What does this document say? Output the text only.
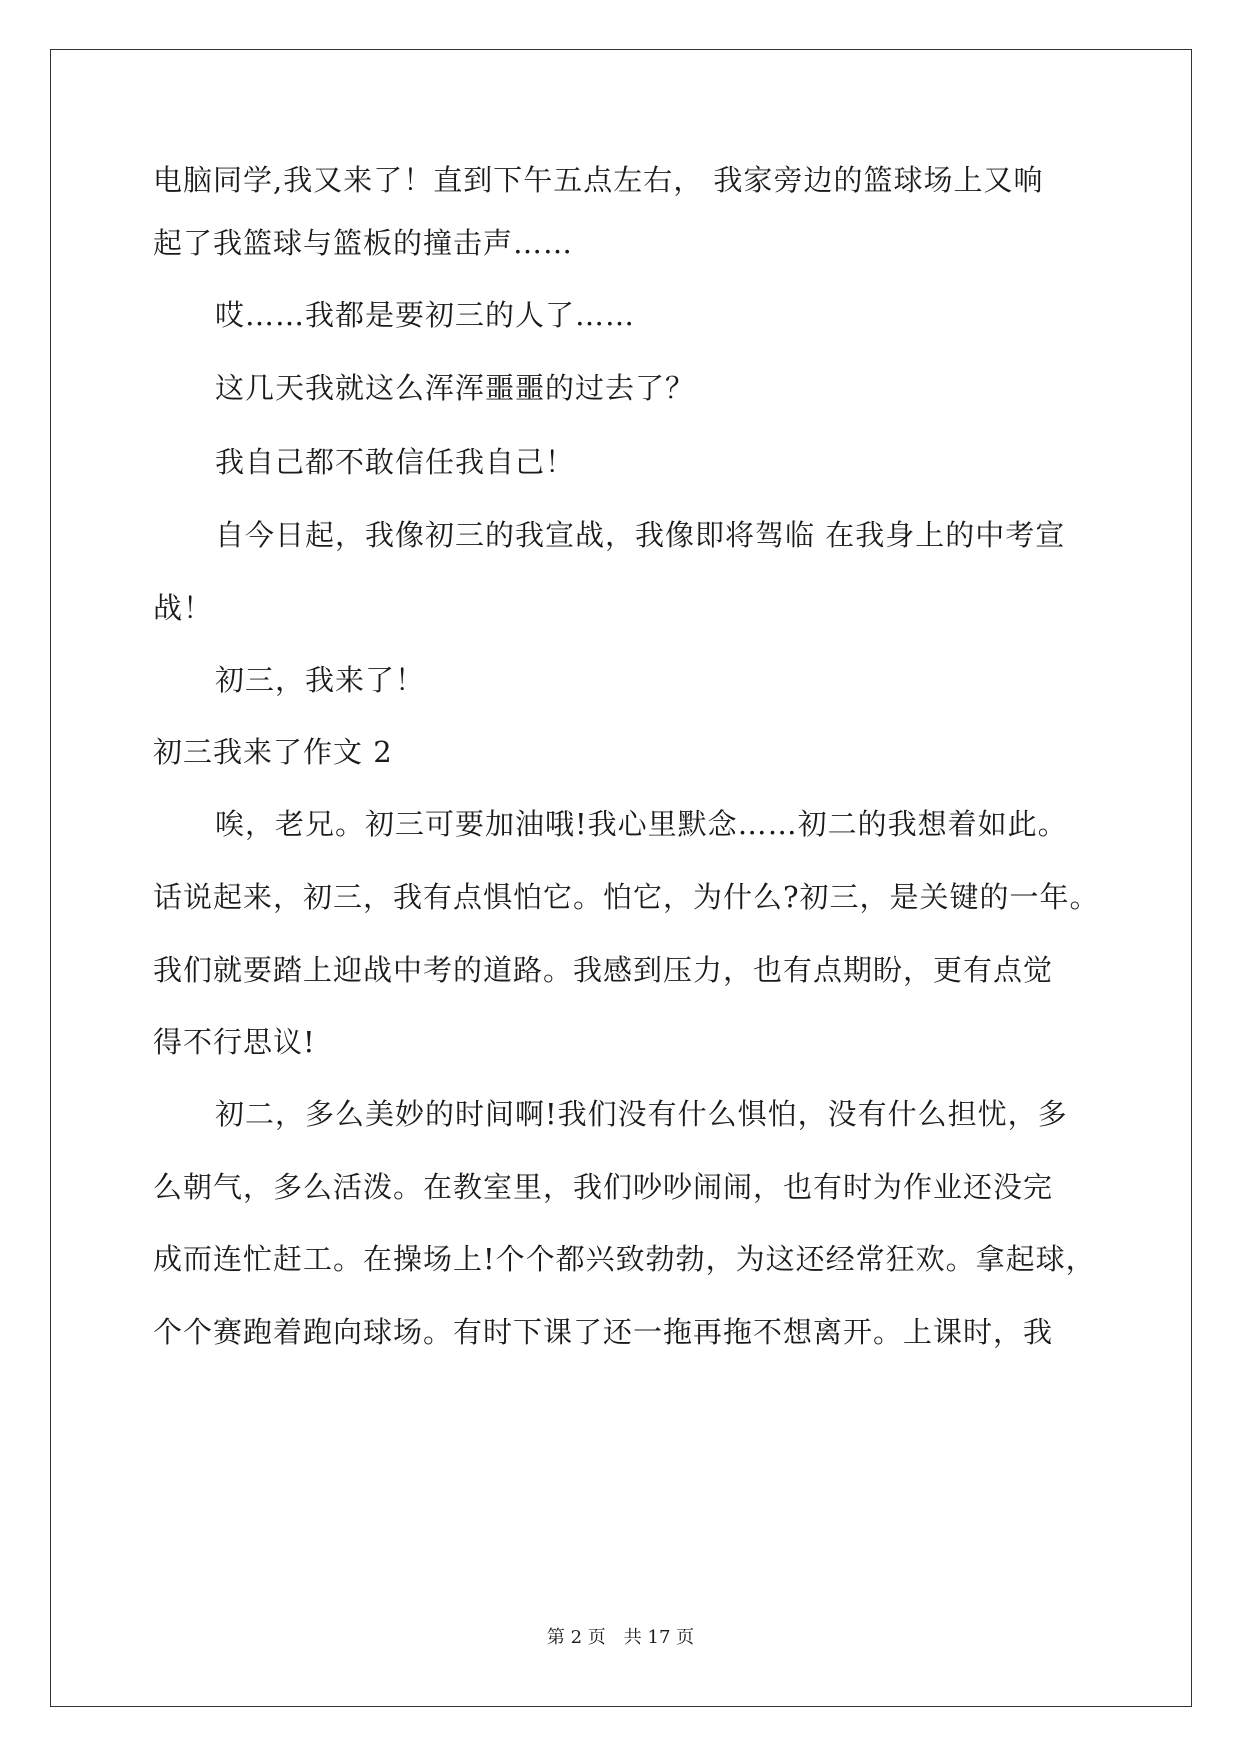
电脑同学,我又来了！直到下午五点左右， 我家旁边的篮球场上又响
起了我篮球与篮板的撞击声……
哎……我都是要初三的人了……
这几天我就这么浑浑噩噩的过去了？
我自己都不敢信任我自己！
自今日起，我像初三的我宣战，我像即将驾临 在我身上的中考宣
战！
初三，我来了！
初三我来了作文 2
唉，老兄。初三可要加油哦!我心里默念……初二的我想着如此。
话说起来，初三，我有点惧怕它。怕它，为什么?初三，是关键的一年。
我们就要踏上迎战中考的道路。我感到压力，也有点期盼，更有点觉
得不行思议!
初二，多么美妙的时间啊!我们没有什么惧怕，没有什么担忧，多
么朝气，多么活泼。在教室里，我们吵吵闹闹，也有时为作业还没完
成而连忙赶工。在操场上!个个都兴致勃勃，为这还经常狂欢。拿起球，
个个赛跑着跑向球场。有时下课了还一拖再拖不想离开。上课时，我
第 2 页　共 17 页
